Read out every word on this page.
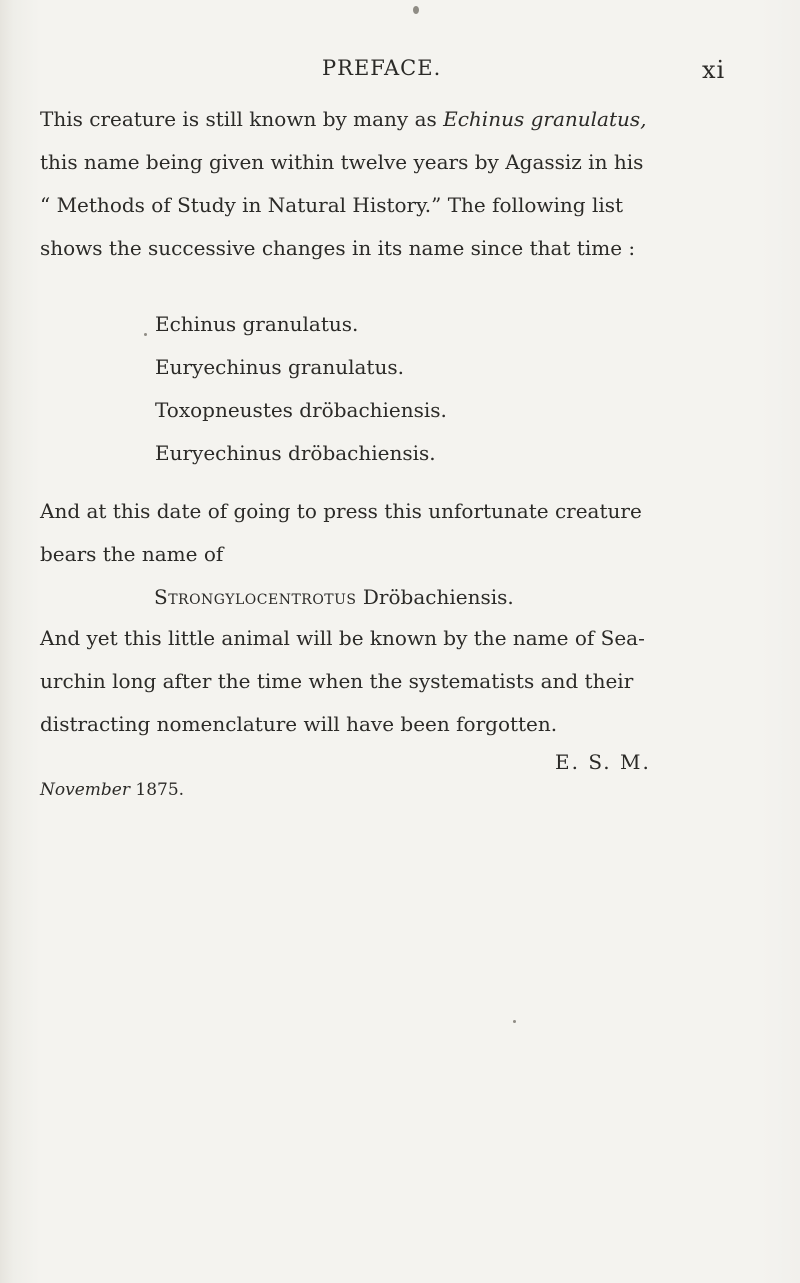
PREFACE.	xi
This creature is still known by many as Echinus granulatus,
this name being given within twelve years by Agassiz in his
“ Methods of Study in Natural History.” The following list
shows the successive changes in its name since that time :
Echinus granulatus.
Euryechinus granulatus.
Toxopneustes dröbachiensis.
Euryechinus dröbachiensis.
And at this date of going to press this unfortunate creature
bears the name of
Strongylocentrotus Dröbachiensis.
And yet this little animal will be known by the name of Sea-
urchin long after the time when the systematists and their
distracting nomenclature will have been forgotten.
E. S. M.
November 1875.
